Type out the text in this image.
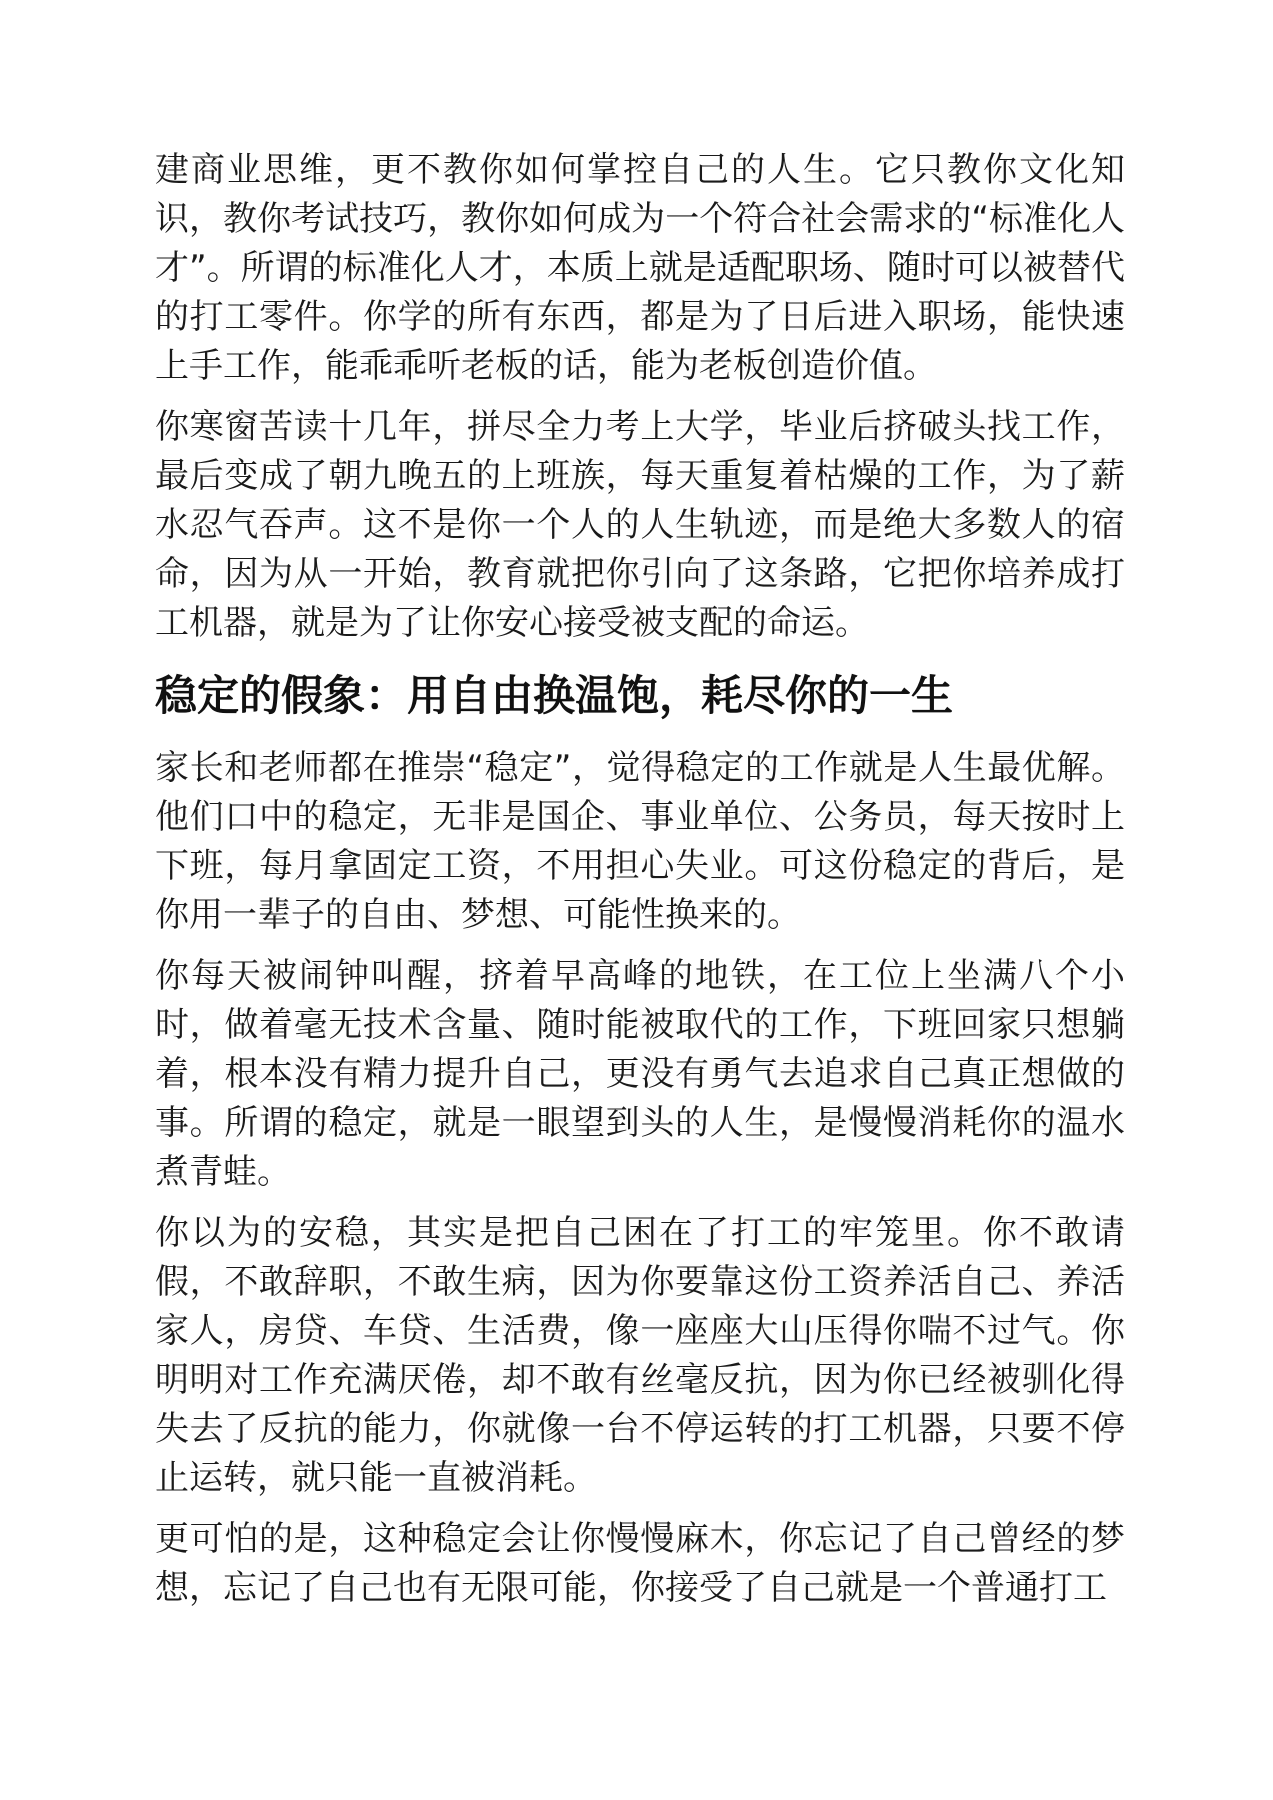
建商业思维，更不教你如何掌控自己的人生。它只教你文化知识，教你考试技巧，教你如何成为一个符合社会需求的“标准化人才”。所谓的标准化人才，本质上就是适配职场、随时可以被替代的打工零件。你学的所有东西，都是为了日后进入职场，能快速上手工作，能乖乖听老板的话，能为老板创造价值。

你寒窗苦读十几年，拼尽全力考上大学，毕业后挤破头找工作，最后变成了朝九晚五的上班族，每天重复着枯燥的工作，为了薪水忍气吞声。这不是你一个人的人生轨迹，而是绝大多数人的宿命，因为从一开始，教育就把你引向了这条路，它把你培养成打工机器，就是为了让你安心接受被支配的命运。

稳定的假象：用自由换温饱，耗尽你的一生

家长和老师都在推崇“稳定”，觉得稳定的工作就是人生最优解。他们口中的稳定，无非是国企、事业单位、公务员，每天按时上下班，每月拿固定工资，不用担心失业。可这份稳定的背后，是你用一辈子的自由、梦想、可能性换来的。

你每天被闹钟叫醒，挤着早高峰的地铁，在工位上坐满八个小时，做着毫无技术含量、随时能被取代的工作，下班回家只想躺着，根本没有精力提升自己，更没有勇气去追求自己真正想做的事。所谓的稳定，就是一眼望到头的人生，是慢慢消耗你的温水煮青蛙。

你以为的安稳，其实是把自己困在了打工的牢笼里。你不敢请假，不敢辞职，不敢生病，因为你要靠这份工资养活自己、养活家人，房贷、车贷、生活费，像一座座大山压得你喘不过气。你明明对工作充满厌倦，却不敢有丝毫反抗，因为你已经被驯化得失去了反抗的能力，你就像一台不停运转的打工机器，只要不停止运转，就只能一直被消耗。

更可怕的是，这种稳定会让你慢慢麻木，你忘记了自己曾经的梦想，忘记了自己也有无限可能，你接受了自己就是一个普通打工
